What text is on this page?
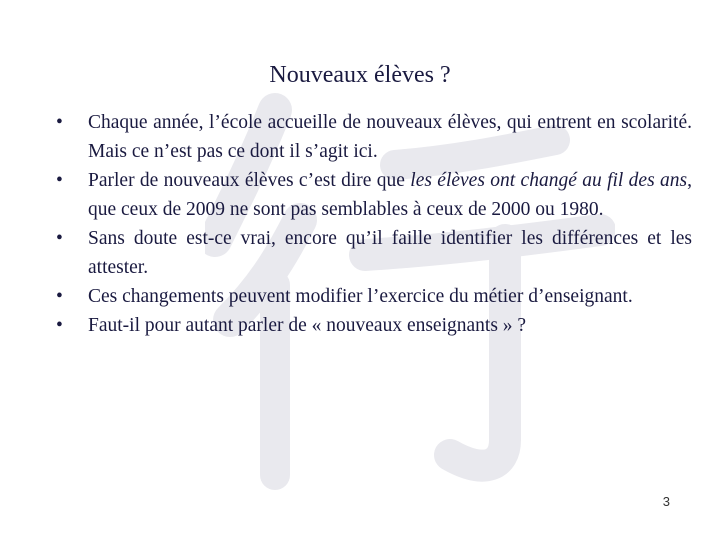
Nouveaux élèves ?
• Chaque année, l’école accueille de nouveaux élèves, qui entrent en scolarité. Mais ce n’est pas ce dont il s’agit ici.
• Parler de nouveaux élèves c’est dire que les élèves ont changé au fil des ans, que ceux de 2009 ne sont pas semblables à ceux de 2000 ou 1980.
• Sans doute est-ce vrai, encore qu’il faille identifier les différences et les attester.
• Ces changements peuvent modifier l’exercice du métier d’enseignant.
• Faut-il pour autant parler de « nouveaux enseignants » ?
3
